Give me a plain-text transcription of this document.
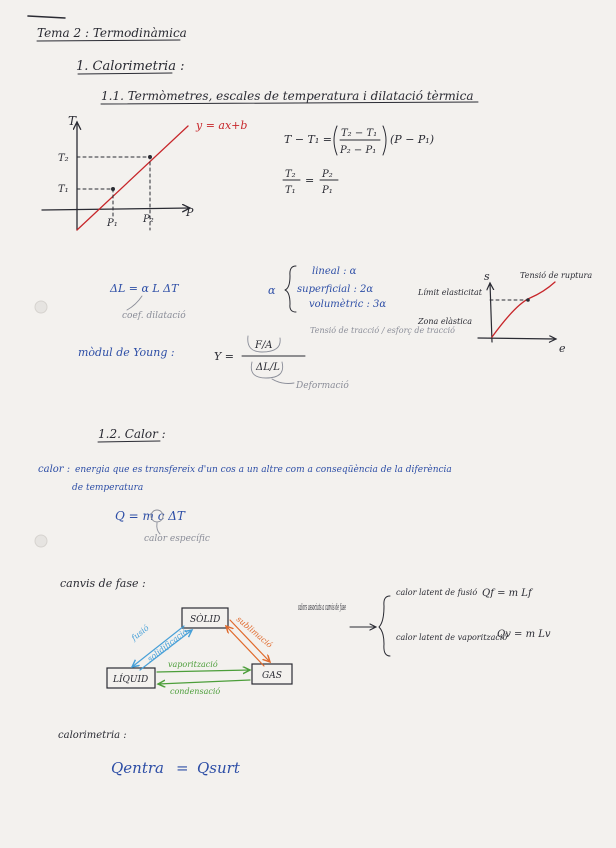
Tema 2 : Termodinàmica
1. Calorimetria :
1.1. Termòmetres, escales de temperatura i dilatació tèrmica
T
P
T₂
T₁
P₁	P₂
y = ax+b
T − T₁ = T₂ − T₁
P₂ − P₁
(P − P₁)
T₂
T₁
= P₂
P₁
ΔL = α L ΔT
coef. dilatació
α
lineal : α
superficial : 2α
volumètric : 3α
s
e
Límit elasticitat
Zona elàstica
Tensió de ruptura
mòdul de Young :	Y =
F/A
ΔL/L
Tensió de tracció / esforç de tracció
Deformació
1.2. Calor :
calor : energia que es transfereix d'un cos a un altre com a conseqüència de la diferència
de temperatura
Q = m c ΔT
calor específic
canvis de fase :
SÒLID
LÍQUID	GAS
fusió
solidificació	sublimació
vaporització
condensació
calors associats a canvis de fase
calor latent de fusió
calor latent de vaporització
Qf = m Lf
Qv = m Lv
calorimetria :
Qentra = Qsurt
